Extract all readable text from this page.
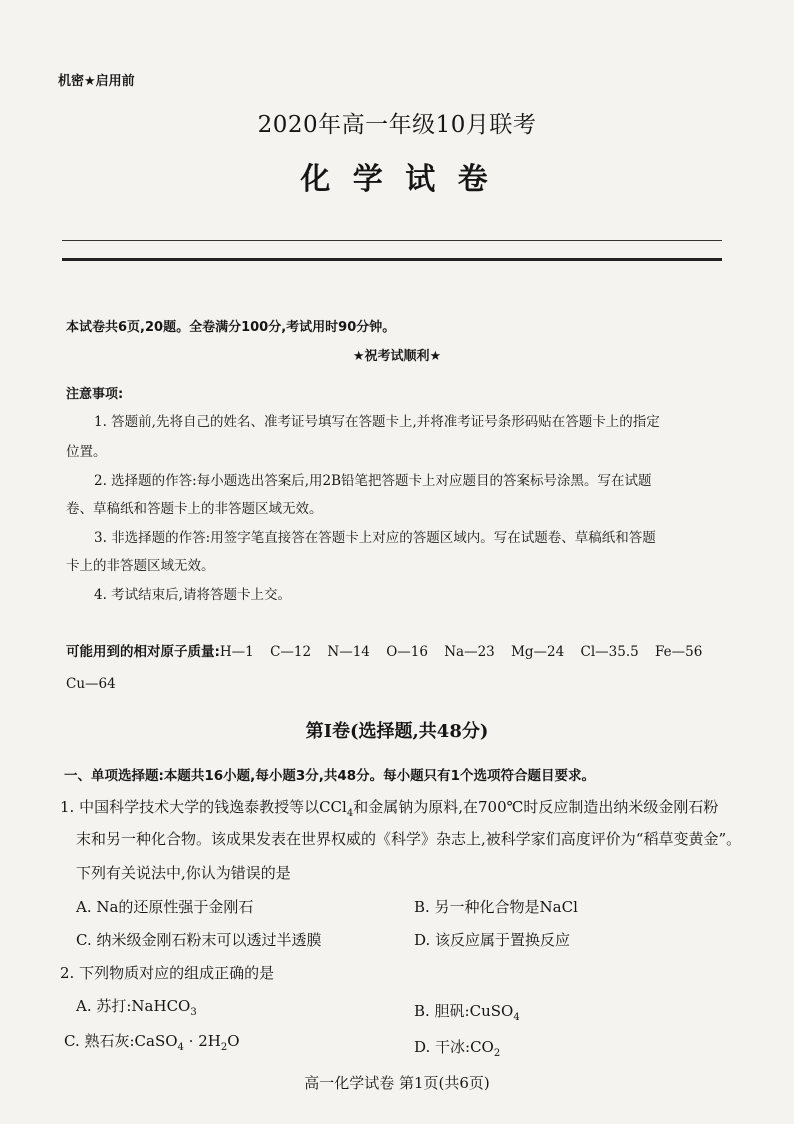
机密★启用前
2020年高一年级10月联考
化 学 试 卷
本试卷共6页,20题。全卷满分100分,考试用时90分钟。
★祝考试顺利★
注意事项:
1. 答题前,先将自己的姓名、准考证号填写在答题卡上,并将准考证号条形码贴在答题卡上的指定
位置。
2. 选择题的作答:每小题选出答案后,用2B铅笔把答题卡上对应题目的答案标号涂黑。写在试题
卷、草稿纸和答题卡上的非答题区域无效。
3. 非选择题的作答:用签字笔直接答在答题卡上对应的答题区域内。写在试题卷、草稿纸和答题
卡上的非答题区域无效。
4. 考试结束后,请将答题卡上交。
可能用到的相对原子质量:H—1 C—12 N—14 O—16 Na—23 Mg—24 Cl—35.5 Fe—56
Cu—64
第Ⅰ卷(选择题,共48分)
一、单项选择题:本题共16小题,每小题3分,共48分。每小题只有1个选项符合题目要求。
1. 中国科学技术大学的钱逸泰教授等以CCl$_4$和金属钠为原料,在700℃时反应制造出纳米级金刚石粉
末和另一种化合物。该成果发表在世界权威的《科学》杂志上,被科学家们高度评价为“稻草变黄金”。
下列有关说法中,你认为错误的是
A. Na的还原性强于金刚石	B. 另一种化合物是NaCl
C. 纳米级金刚石粉末可以透过半透膜	D. 该反应属于置换反应
2. 下列物质对应的组成正确的是
A. 苏打:NaHCO$_3$	B. 胆矾:CuSO$_4$
C. 熟石灰:CaSO$_4$ · $2H_2O$	D. 干冰$:CO_2$
高一化学试卷 第1页(共6页)
